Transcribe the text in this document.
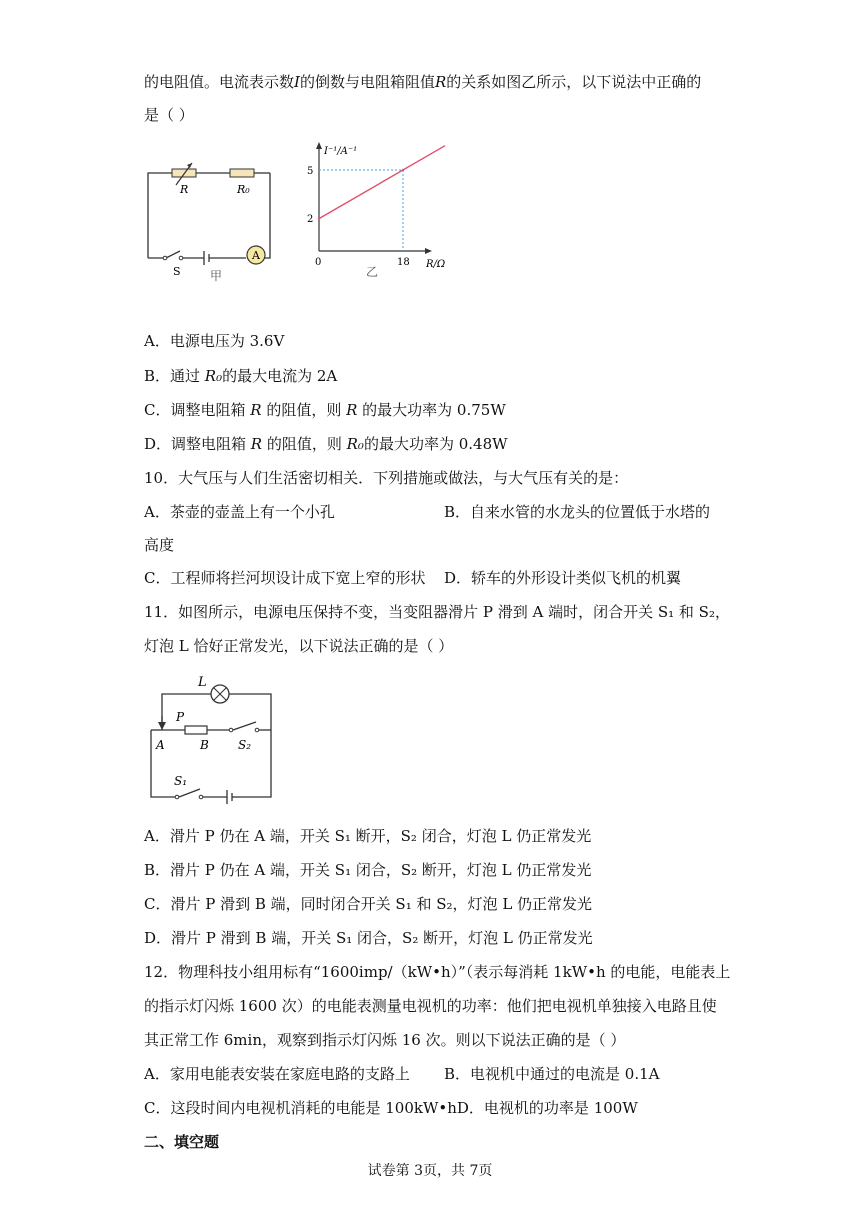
的电阻值。电流表示数I的倒数与电阻箱阻值R的关系如图乙所示，以下说法中正确的
是（ ）
A
R	R₀
S 甲
I⁻¹/A⁻¹
R/Ω
5
2
0	18
乙
A．电源电压为 3.6V
B．通过 R₀的最大电流为 2A
C．调整电阻箱 R 的阻值，则 R 的最大功率为 0.75W
D．调整电阻箱 R 的阻值，则 R₀的最大功率为 0.48W
10．大气压与人们生活密切相关．下列措施或做法，与大气压有关的是：
A．茶壶的壶盖上有一个小孔	B．自来水管的水龙头的位置低于水塔的
高度
C．工程师将拦河坝设计成下宽上窄的形状 D．轿车的外形设计类似飞机的机翼
11．如图所示，电源电压保持不变，当变阻器滑片 P 滑到 A 端时，闭合开关 S₁ 和 S₂，
灯泡 L 恰好正常发光，以下说法正确的是（ ）
L
P
A	B S₂
S₁
A．滑片 P 仍在 A 端，开关 S₁ 断开，S₂ 闭合，灯泡 L 仍正常发光
B．滑片 P 仍在 A 端，开关 S₁ 闭合，S₂ 断开，灯泡 L 仍正常发光
C．滑片 P 滑到 B 端，同时闭合开关 S₁ 和 S₂，灯泡 L 仍正常发光
D．滑片 P 滑到 B 端，开关 S₁ 闭合，S₂ 断开，灯泡 L 仍正常发光
12．物理科技小组用标有“1600imp/（kW•h）”（表示每消耗 1kW•h 的电能，电能表上
的指示灯闪烁 1600 次）的电能表测量电视机的功率：他们把电视机单独接入电路且使
其正常工作 6min，观察到指示灯闪烁 16 次。则以下说法正确的是（ ）
A．家用电能表安装在家庭电路的支路上 B．电视机中通过的电流是 0.1A
C．这段时间内电视机消耗的电能是 100kW•hD．电视机的功率是 100W
二、填空题
试卷第 3页，共 7页
